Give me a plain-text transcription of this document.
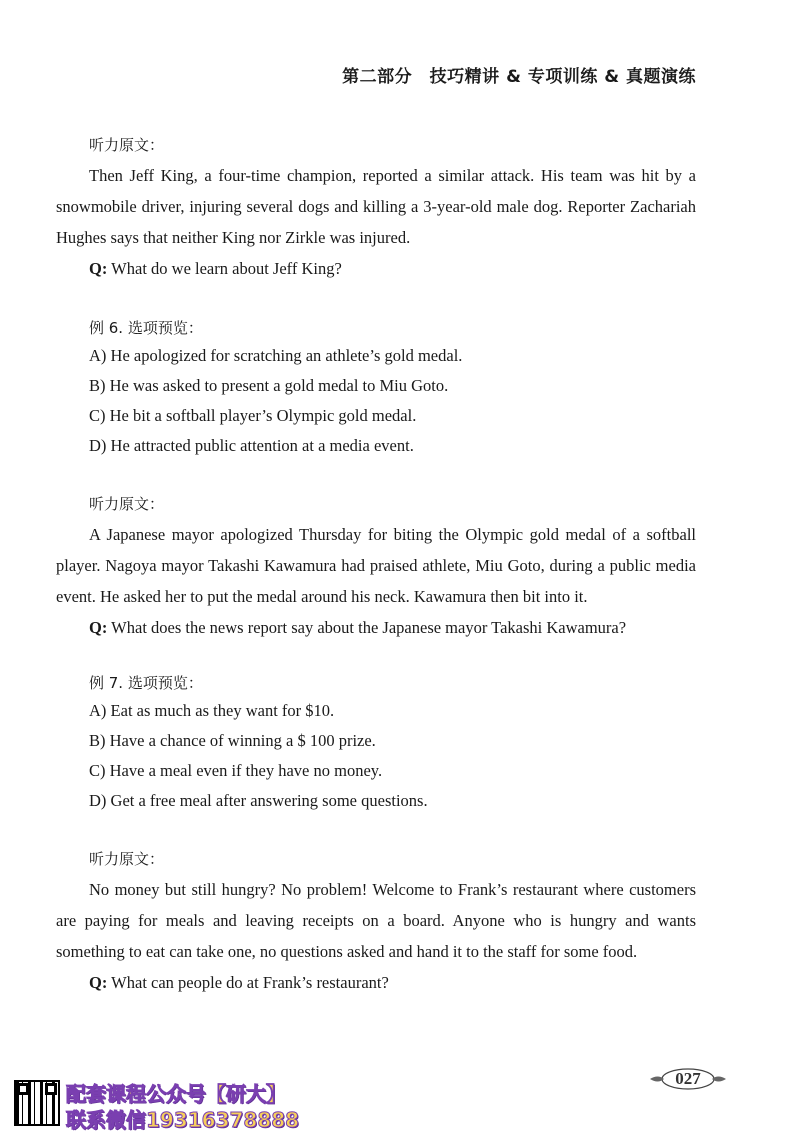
第二部分　技巧精讲 & 专项训练 & 真题演练
听力原文：

Then Jeff King, a four-time champion, reported a similar attack. His team was hit by a snowmobile driver, injuring several dogs and killing a 3-year-old male dog. Reporter Zachariah Hughes says that neither King nor Zirkle was injured.

Q: What do we learn about Jeff King?
例 6. 选项预览：
A) He apologized for scratching an athlete’s gold medal.
B) He was asked to present a gold medal to Miu Goto.
C) He bit a softball player’s Olympic gold medal.
D) He attracted public attention at a media event.
听力原文：

A Japanese mayor apologized Thursday for biting the Olympic gold medal of a softball player. Nagoya mayor Takashi Kawamura had praised athlete, Miu Goto, during a public media event. He asked her to put the medal around his neck. Kawamura then bit into it.

Q: What does the news report say about the Japanese mayor Takashi Kawamura?
例 7. 选项预览：
A) Eat as much as they want for $10.
B) Have a chance of winning a $ 100 prize.
C) Have a meal even if they have no money.
D) Get a free meal after answering some questions.
听力原文：

No money but still hungry? No problem! Welcome to Frank’s restaurant where customers are paying for meals and leaving receipts on a board. Anyone who is hungry and wants something to eat can take one, no questions asked and hand it to the staff for some food.

Q: What can people do at Frank’s restaurant?
027
配套课程公众号【研大】
联系微信19316378888
